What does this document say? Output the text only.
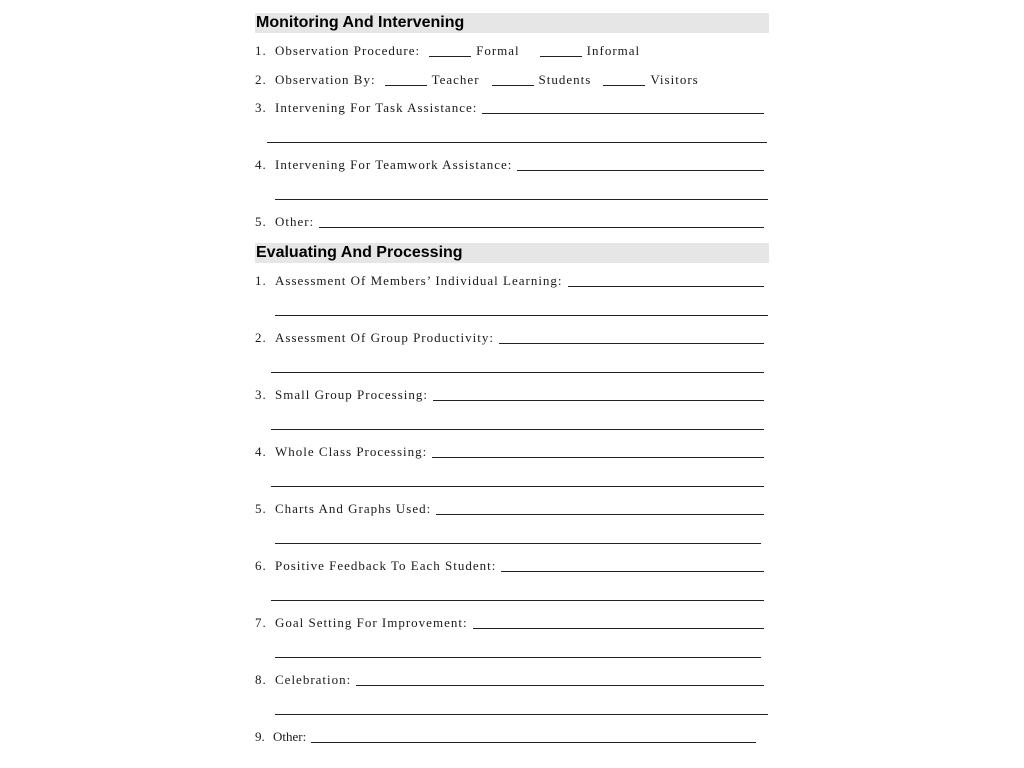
Monitoring And Intervening
1. Observation Procedure:	Formal	Informal
2. Observation By:	Teacher	Students	Visitors
3. Intervening For Task Assistance:
4. Intervening For Teamwork Assistance:
5. Other:
Evaluating And Processing
1. Assessment Of Members’ Individual Learning:
2. Assessment Of Group Productivity:
3. Small Group Processing:
4. Whole Class Processing:
5. Charts And Graphs Used:
6. Positive Feedback To Each Student:
7. Goal Setting For Improvement:
8. Celebration:
9. Other:
